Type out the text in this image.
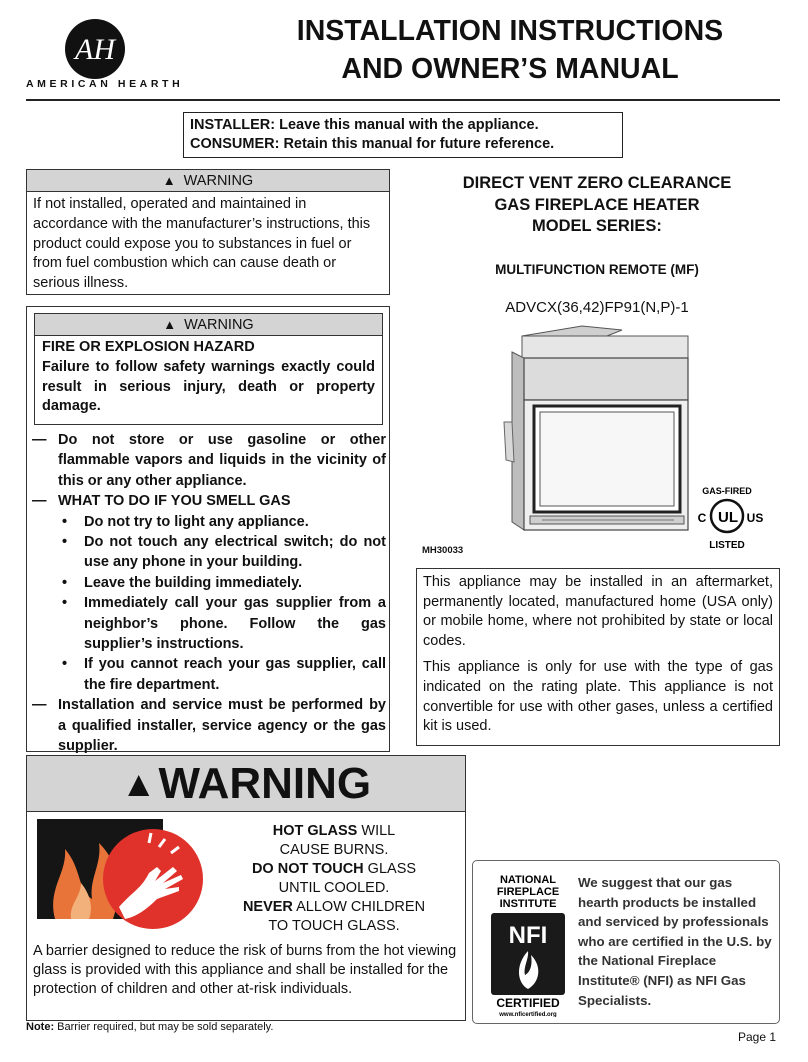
AH
AMERICAN HEARTH
INSTALLATION INSTRUCTIONS
AND OWNER’S MANUAL
INSTALLER: Leave this manual with the appliance.
CONSUMER: Retain this manual for future reference.
▲ WARNING
If not installed, operated and maintained in accordance with the manufacturer’s instructions, this product could expose you to substances in fuel or from fuel combustion which can cause death or serious illness.
▲ WARNING
FIRE OR EXPLOSION HAZARD
Failure to follow safety warnings exactly could result in serious injury, death or property damage.
— Do not store or use gasoline or other flammable vapors and liquids in the vicinity of this or any other appliance.
— WHAT TO DO IF YOU SMELL GAS
• Do not try to light any appliance.
• Do not touch any electrical switch; do not use any phone in your building.
• Leave the building immediately.
• Immediately call your gas supplier from a neighbor’s phone. Follow the gas supplier’s instructions.
• If you cannot reach your gas supplier, call the fire department.
— Installation and service must be performed by a qualified installer, service agency or the gas supplier.
DIRECT VENT ZERO CLEARANCE
GAS FIREPLACE HEATER
MODEL SERIES:
MULTIFUNCTION REMOTE (MF)
ADVCX(36,42)FP91(N,P)-1
GAS-FIRED
UL
C	US
LISTED
MH30033

This appliance may be installed in an aftermarket, permanently located, manufactured home (USA only) or mobile home, where not prohibited by state or local codes.

This appliance is only for use with the type of gas indicated on the rating plate. This appliance is not convertible for use with other gases, unless a certified kit is used.

▲WARNING
HOT GLASS WILL
CAUSE BURNS.
DO NOT TOUCH GLASS
UNTIL COOLED.
NEVER ALLOW CHILDREN
TO TOUCH GLASS.
A barrier designed to reduce the risk of burns from the hot viewing glass is provided with this appliance and shall be installed for the protection of children and other at-risk individuals.
Note: Barrier required, but may be sold separately.
NATIONAL
FIREPLACE
INSTITUTE
NFI
CERTIFIED
www.nficertified.org
We suggest that our gas hearth products be installed and serviced by professionals who are certified in the U.S. by the National Fireplace Institute® (NFI) as NFI Gas Specialists.
Page 1
